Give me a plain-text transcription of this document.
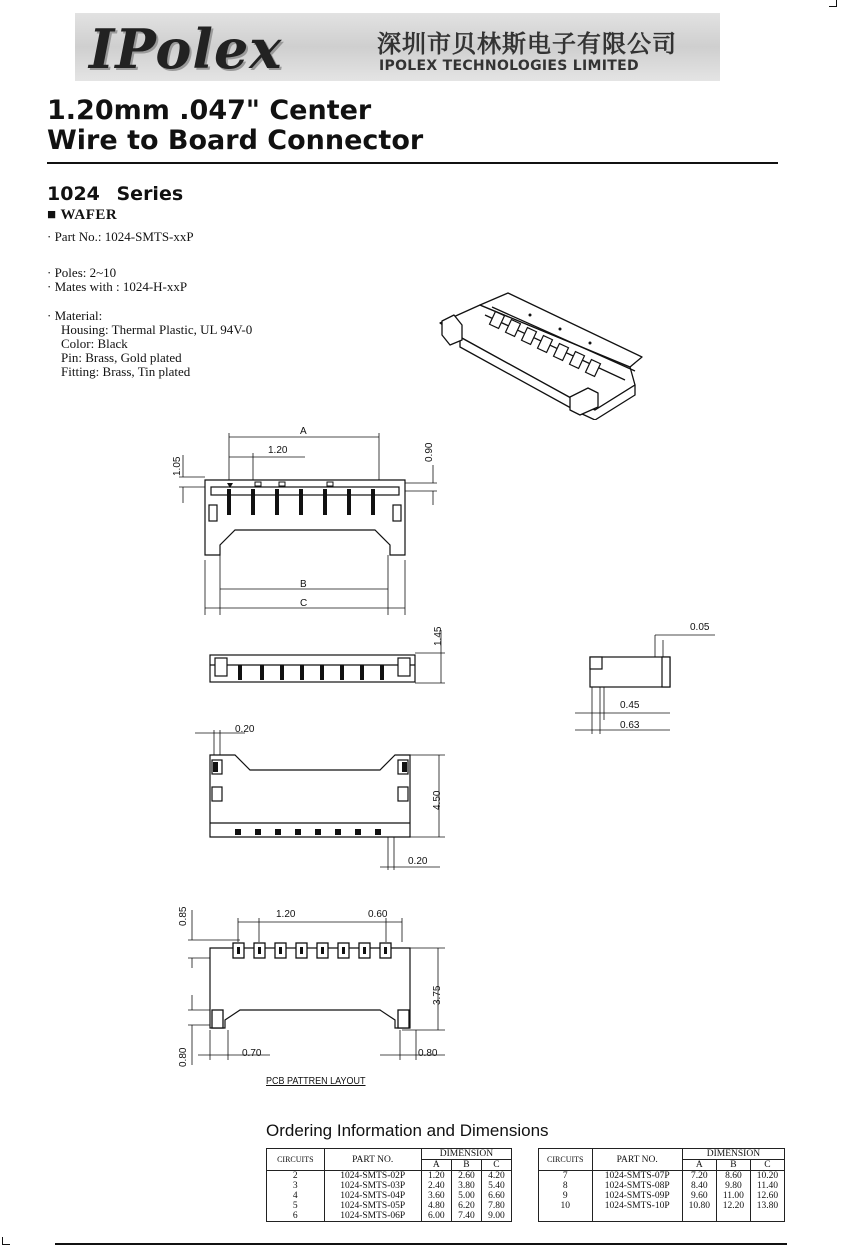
IPolex	深圳市贝林斯电子有限公司
IPOLEX TECHNOLOGIES LIMITED
1.20mm .047" Center
Wire to Board Connector
1024 Series
■ WAFER
· Part No.: 1024-SMTS-xxP
· Poles: 2~10
· Mates with : 1024-H-xxP
· Material:
Housing: Thermal Plastic, UL 94V-0
Color: Black
Pin: Brass, Gold plated
Fitting: Brass, Tin plated
A
1.20
1.05
0.90
B
C
1.45	0.05
0.45
0.63
0.20
4.50
0.20
0.85	1.20	0.60
3.75
0.80	0.70	0.80
PCB PATTREN LAYOUT
Ordering Information and Dimensions
CIRCUITS	PART NO.	DIMENSION		
		A	B	C
2	1024-SMTS-02P	1.20	2.60	4.20
3	1024-SMTS-03P	2.40	3.80	5.40
4	1024-SMTS-04P	3.60	5.00	6.60
5	1024-SMTS-05P	4.80	6.20	7.80
6	1024-SMTS-06P	6.00	7.40	9.00
CIRCUITS	PART NO.	DIMENSION		
		A	B	C
7	1024-SMTS-07P	7.20	8.60	10.20
8	1024-SMTS-08P	8.40	9.80	11.40
9	1024-SMTS-09P	9.60	11.00	12.60
10	1024-SMTS-10P	10.80	12.20	13.80
